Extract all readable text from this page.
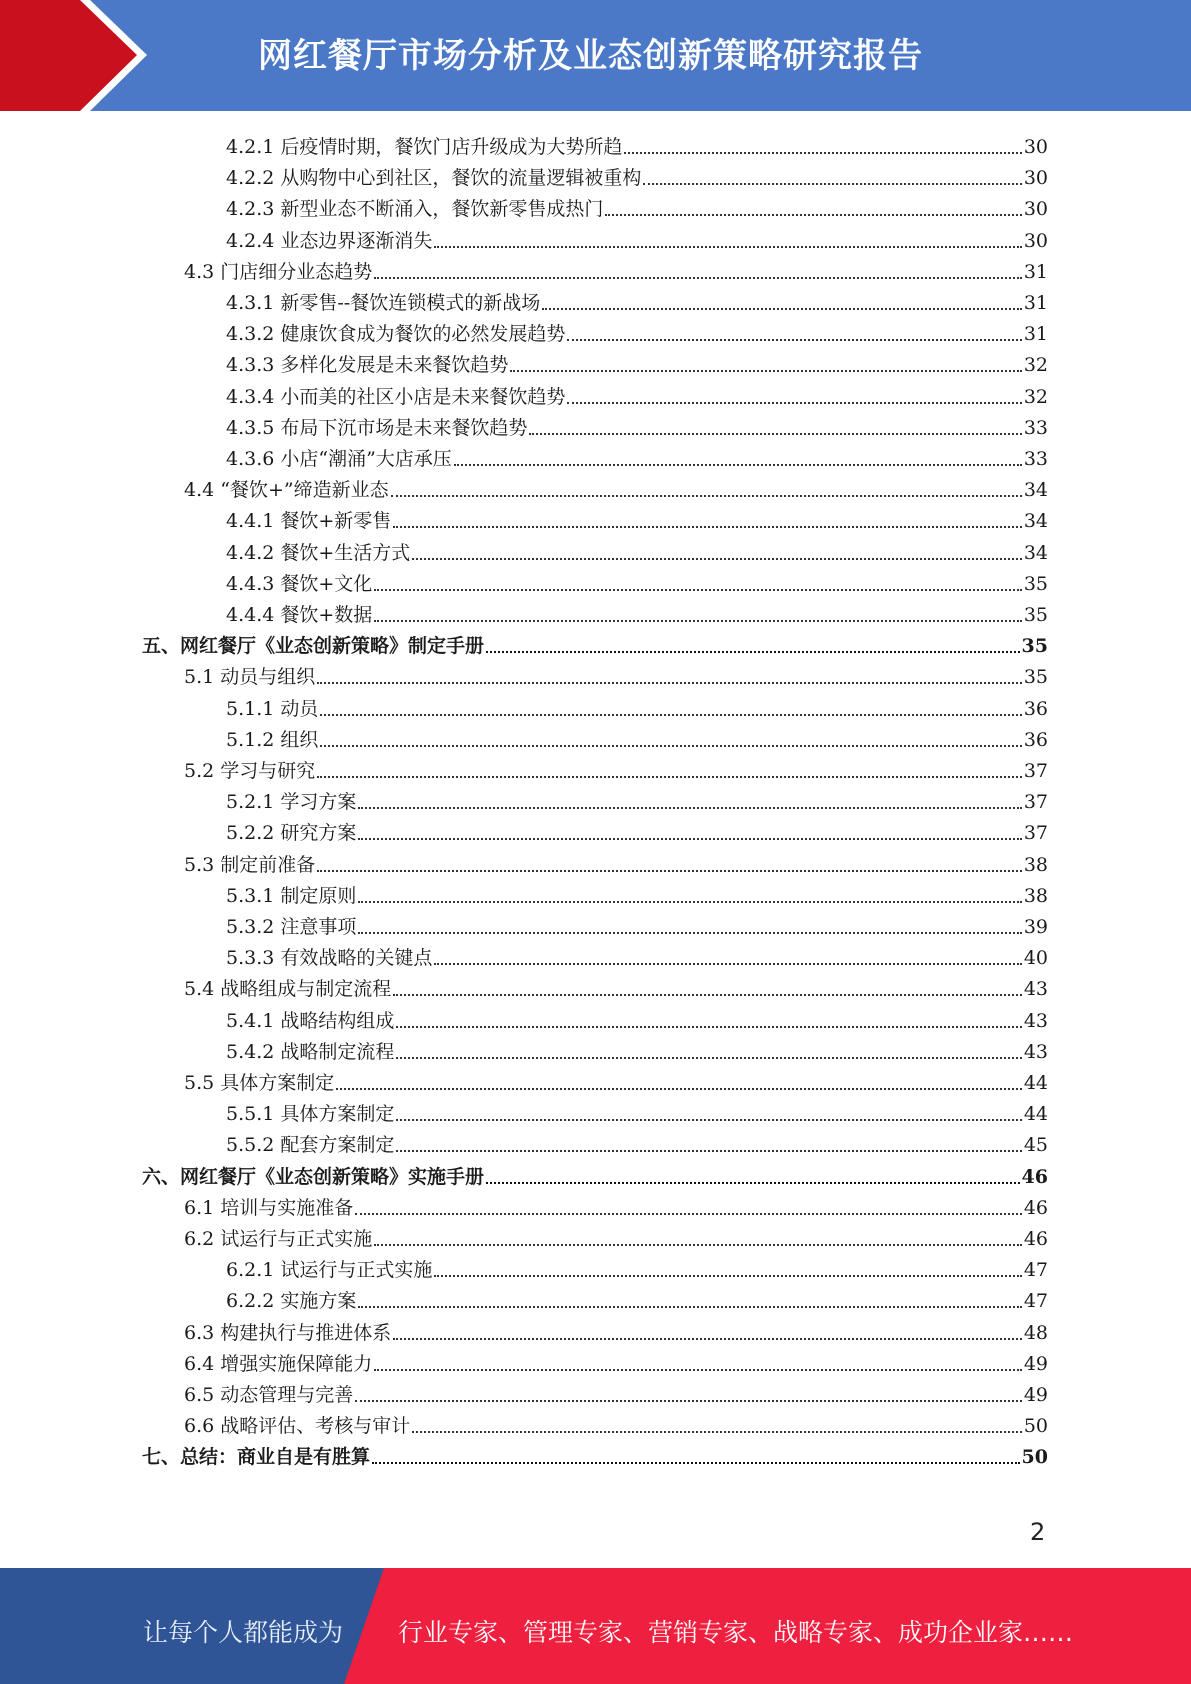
网红餐厅市场分析及业态创新策略研究报告
4.2.1 后疫情时期，餐饮门店升级成为大势所趋	30
4.2.2 从购物中心到社区，餐饮的流量逻辑被重构	30
4.2.3 新型业态不断涌入，餐饮新零售成热门	30
4.2.4 业态边界逐渐消失	30
4.3 门店细分业态趋势	31
4.3.1 新零售--餐饮连锁模式的新战场	31
4.3.2 健康饮食成为餐饮的必然发展趋势	31
4.3.3 多样化发展是未来餐饮趋势	32
4.3.4 小而美的社区小店是未来餐饮趋势	32
4.3.5 布局下沉市场是未来餐饮趋势	33
4.3.6 小店“潮涌”大店承压	33
4.4 “餐饮+”缔造新业态	34
4.4.1 餐饮+新零售	34
4.4.2 餐饮+生活方式	34
4.4.3 餐饮+文化	35
4.4.4 餐饮+数据	35
五、网红餐厅《业态创新策略》制定手册	35
5.1 动员与组织	35
5.1.1 动员	36
5.1.2 组织	36
5.2 学习与研究	37
5.2.1 学习方案	37
5.2.2 研究方案	37
5.3 制定前准备	38
5.3.1 制定原则	38
5.3.2 注意事项	39
5.3.3 有效战略的关键点	40
5.4 战略组成与制定流程	43
5.4.1 战略结构组成	43
5.4.2 战略制定流程	43
5.5 具体方案制定	44
5.5.1 具体方案制定	44
5.5.2 配套方案制定	45
六、网红餐厅《业态创新策略》实施手册	46
6.1 培训与实施准备	46
6.2 试运行与正式实施	46
6.2.1 试运行与正式实施	47
6.2.2 实施方案	47
6.3 构建执行与推进体系	48
6.4 增强实施保障能力	49
6.5 动态管理与完善	49
6.6 战略评估、考核与审计	50
七、总结：商业自是有胜算	50
2
让每个人都能成为 行业专家、管理专家、营销专家、战略专家、成功企业家……
